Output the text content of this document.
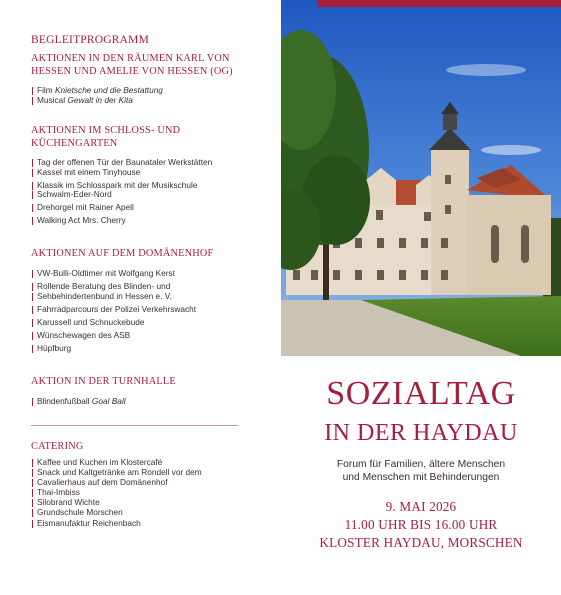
BEGLEITPROGRAMM
AKTIONEN IN DEN RÄUMEN KARL VON
HESSEN UND AMELIE VON HESSEN (OG)
Film Knietsche und die Bestattung
Musical Gewalt in der Kita
AKTIONEN IM SCHLOSS- UND
KÜCHENGARTEN
Tag der offenen Tür der Baunataler Werkstätten
Kassel mit einem Tinyhouse
Klassik im Schlosspark mit der Musikschule
Schwalm-Eder-Nord
Drehorgel mit Rainer Apell
Walking Act Mrs. Cherry
AKTIONEN AUF DEM DOMÄNENHOF
VW-Bulli-Oldtimer mit Wolfgang Kerst
Rollende Beratung des Blinden- und
Sehbehindertenbund in Hessen e. V.
Fahrradparcours der Polizei Verkehrswacht
Karussell und Schnuckebude
Wünschewagen des ASB
Hüpfburg
AKTION IN DER TURNHALLE
Blindenfußball Goal Ball
CATERING
Kaffee und Kuchen im Klostercafé
Snack und Kaltgetränke am Rondell vor dem
Cavalierhaus auf dem Domänenhof
Thai-Imbiss
Silobrand Wichte
Grundschule Morschen
Eismanufaktur Reichenbach
SOZIALTAG
IN DER HAYDAU
Forum für Familien, ältere Menschen
und Menschen mit Behinderungen
9. MAI 2026
11.00 UHR BIS 16.00 UHR
KLOSTER HAYDAU, MORSCHEN
